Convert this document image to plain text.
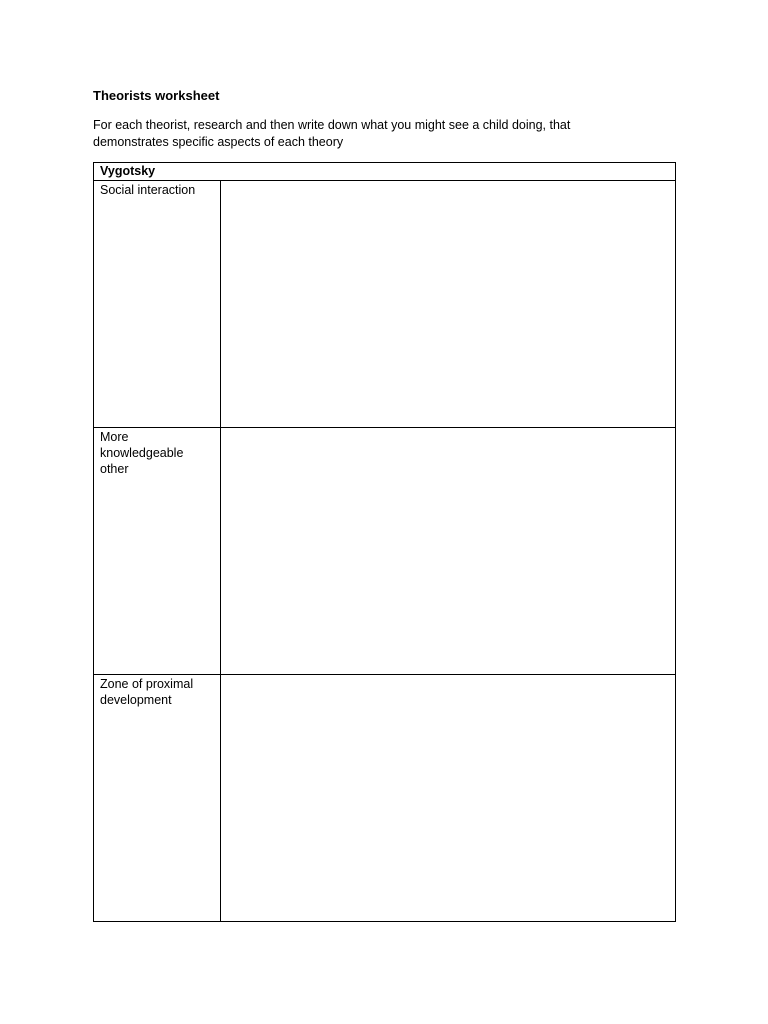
Theorists worksheet
For each theorist, research and then write down what you might see a child doing, that
demonstrates specific aspects of each theory
Vygotsky	

Social interaction	

More
knowledgeable
other	

Zone of proximal
development	
